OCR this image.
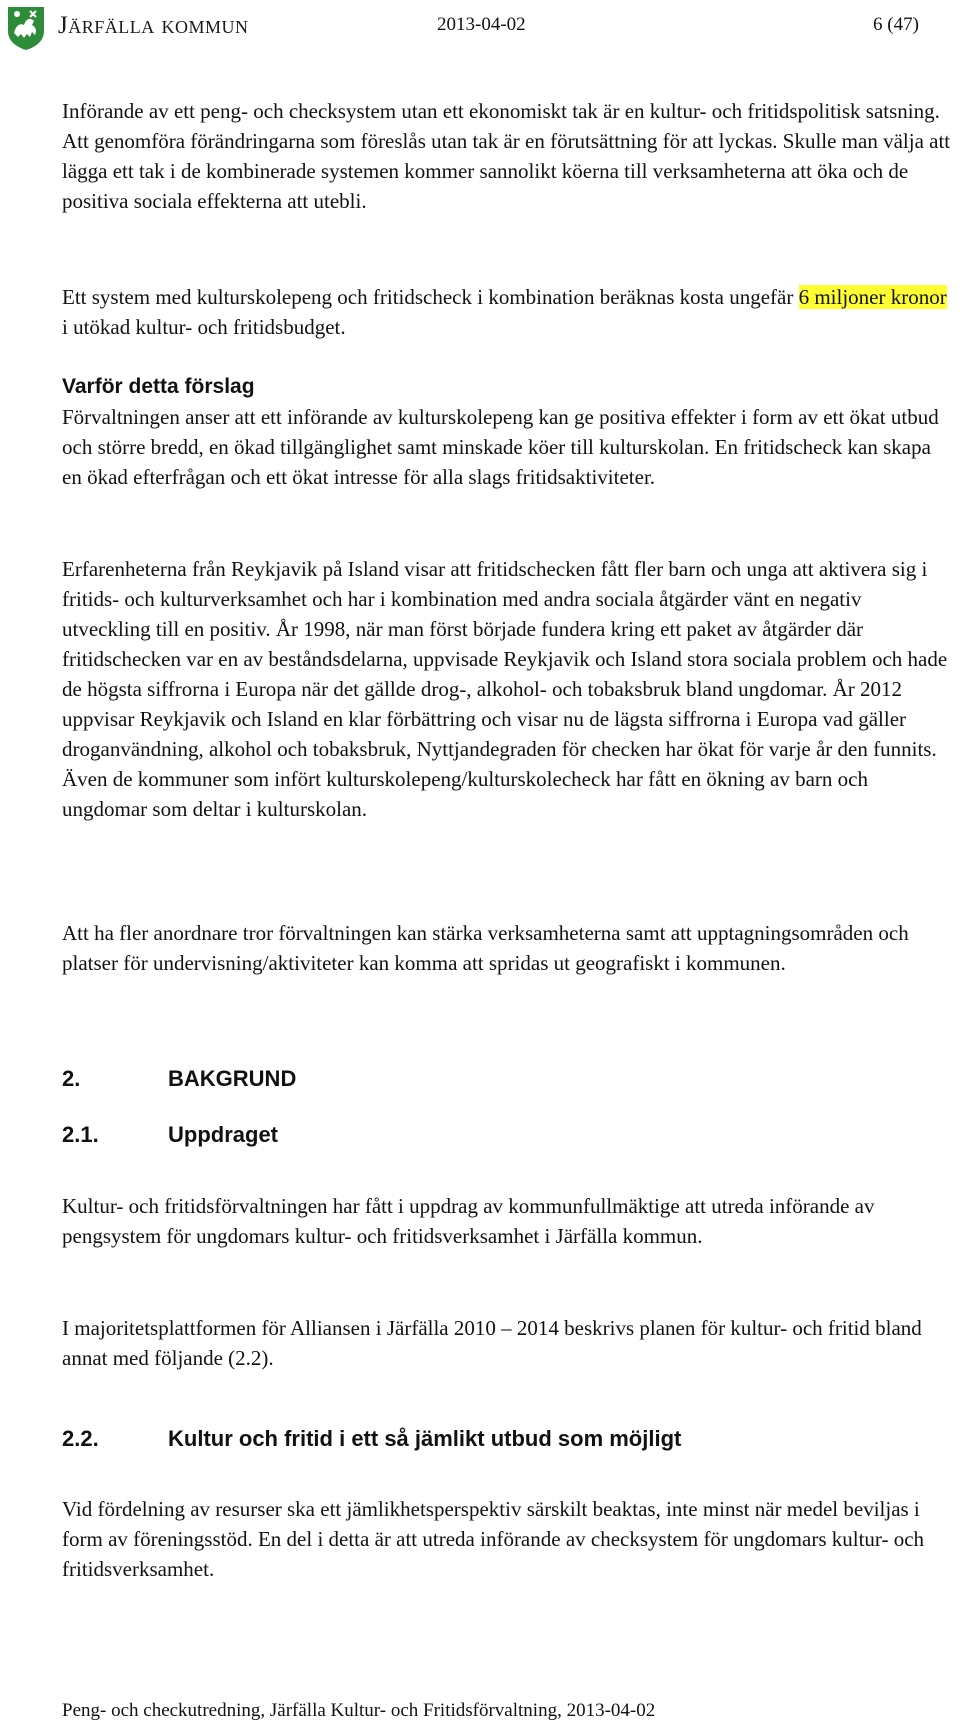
Järfälla kommun	2013-04-02	6 (47)

Införande av ett peng- och checksystem utan ett ekonomiskt tak är en kultur- och fritidspolitisk satsning. Att genomföra förändringarna som föreslås utan tak är en förutsättning för att lyckas. Skulle man välja att lägga ett tak i de kombinerade systemen kommer sannolikt köerna till verksamheterna att öka och de positiva sociala effekterna att utebli.

Ett system med kulturskolepeng och fritidscheck i kombination beräknas kosta ungefär 6 miljoner kronor i utökad kultur- och fritidsbudget.

Varför detta förslag

Förvaltningen anser att ett införande av kulturskolepeng kan ge positiva effekter i form av ett ökat utbud och större bredd, en ökad tillgänglighet samt minskade köer till kulturskolan. En fritidscheck kan skapa en ökad efterfrågan och ett ökat intresse för alla slags fritidsaktiviteter.

Erfarenheterna från Reykjavik på Island visar att fritidschecken fått fler barn och unga att aktivera sig i fritids- och kulturverksamhet och har i kombination med andra sociala åtgärder vänt en negativ utveckling till en positiv. År 1998, när man först började fundera kring ett paket av åtgärder där fritidschecken var en av beståndsdelarna, uppvisade Reykjavik och Island stora sociala problem och hade de högsta siffrorna i Europa när det gällde drog-, alkohol- och tobaksbruk bland ungdomar. År 2012 uppvisar Reykjavik och Island en klar förbättring och visar nu de lägsta siffrorna i Europa vad gäller droganvändning, alkohol och tobaksbruk, Nyttjandegraden för checken har ökat för varje år den funnits. Även de kommuner som infört kulturskolepeng/kulturskolecheck har fått en ökning av barn och ungdomar som deltar i kulturskolan.

Att ha fler anordnare tror förvaltningen kan stärka verksamheterna samt att upptagningsområden och platser för undervisning/aktiviteter kan komma att spridas ut geografiskt i kommunen.

2.	BAKGRUND
2.1.	Uppdraget

Kultur- och fritidsförvaltningen har fått i uppdrag av kommunfullmäktige att utreda införande av pengsystem för ungdomars kultur- och fritidsverksamhet i Järfälla kommun.

I majoritetsplattformen för Alliansen i Järfälla 2010 – 2014 beskrivs planen för kultur- och fritid bland annat med följande (2.2).

2.2.	Kultur och fritid i ett så jämlikt utbud som möjligt

Vid fördelning av resurser ska ett jämlikhetsperspektiv särskilt beaktas, inte minst när medel beviljas i form av föreningsstöd. En del i detta är att utreda införande av checksystem för ungdomars kultur- och fritidsverksamhet.

Peng- och checkutredning, Järfälla Kultur- och Fritidsförvaltning, 2013-04-02
